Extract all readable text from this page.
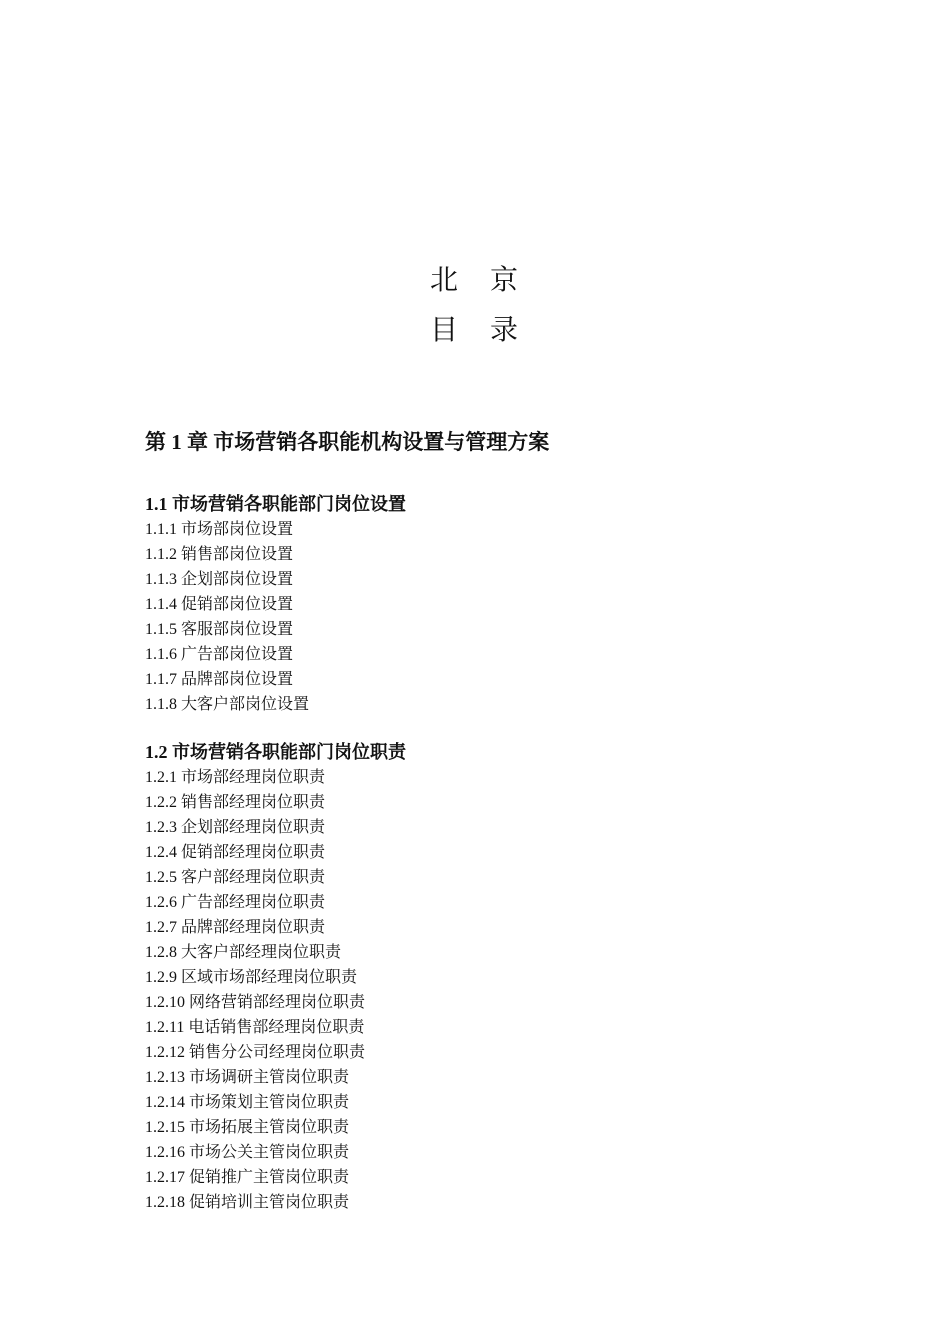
北　京
目　录
第 1 章 市场营销各职能机构设置与管理方案
1.1 市场营销各职能部门岗位设置
1.1.1 市场部岗位设置
1.1.2 销售部岗位设置
1.1.3 企划部岗位设置
1.1.4 促销部岗位设置
1.1.5 客服部岗位设置
1.1.6 广告部岗位设置
1.1.7 品牌部岗位设置
1.1.8 大客户部岗位设置
1.2 市场营销各职能部门岗位职责
1.2.1 市场部经理岗位职责
1.2.2 销售部经理岗位职责
1.2.3 企划部经理岗位职责
1.2.4 促销部经理岗位职责
1.2.5 客户部经理岗位职责
1.2.6 广告部经理岗位职责
1.2.7 品牌部经理岗位职责
1.2.8 大客户部经理岗位职责
1.2.9 区域市场部经理岗位职责
1.2.10 网络营销部经理岗位职责
1.2.11 电话销售部经理岗位职责
1.2.12 销售分公司经理岗位职责
1.2.13 市场调研主管岗位职责
1.2.14 市场策划主管岗位职责
1.2.15 市场拓展主管岗位职责
1.2.16 市场公关主管岗位职责
1.2.17 促销推广主管岗位职责
1.2.18 促销培训主管岗位职责
